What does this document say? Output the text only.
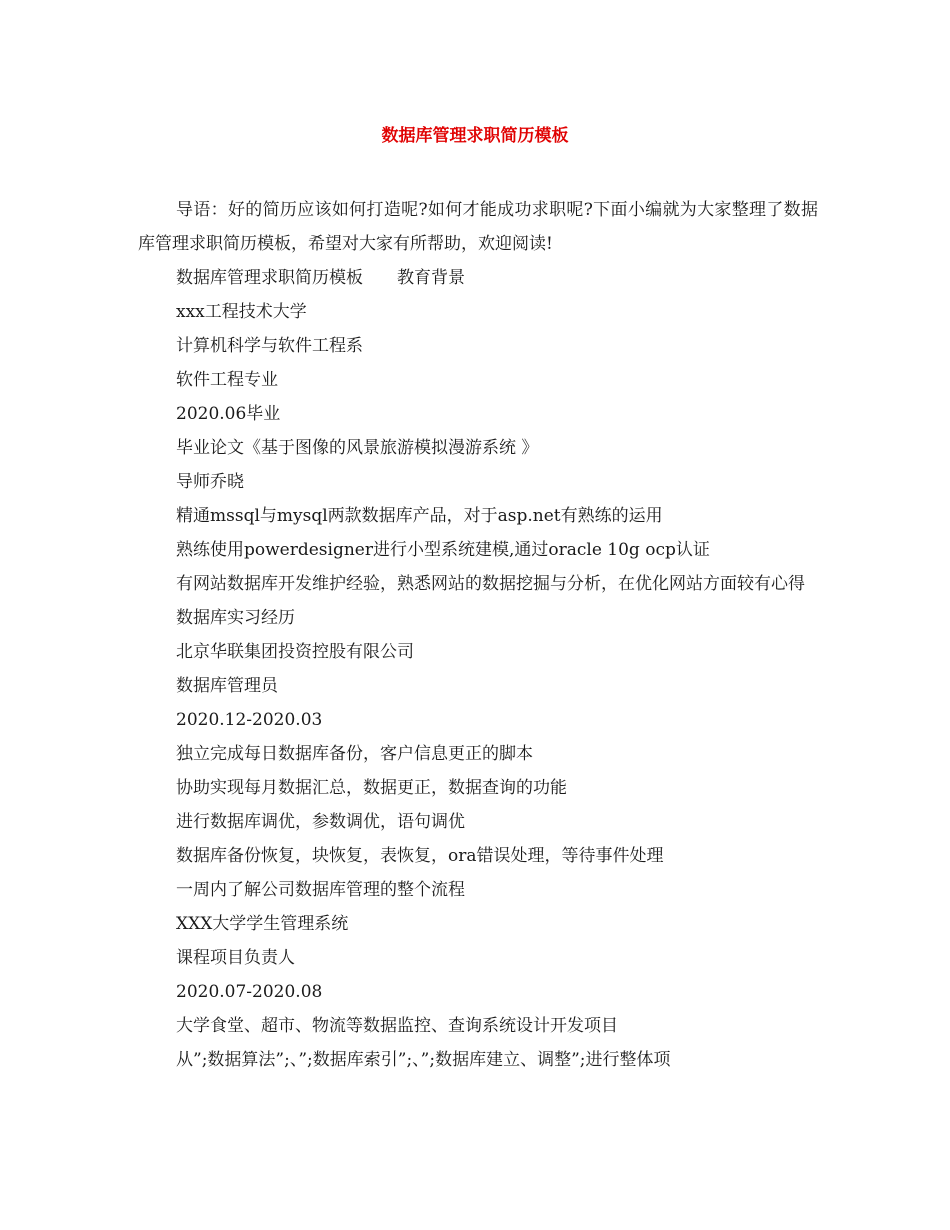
数据库管理求职简历模板

导语：好的简历应该如何打造呢?如何才能成功求职呢?下面小编就为大家整理了数据库管理求职简历模板，希望对大家有所帮助，欢迎阅读!

数据库管理求职简历模板　　教育背景

xxx工程技术大学

计算机科学与软件工程系

软件工程专业

2020.06毕业

毕业论文《基于图像的风景旅游模拟漫游系统 》

导师乔晓

精通mssql与mysql两款数据库产品，对于asp.net有熟练的运用

熟练使用powerdesigner进行小型系统建模,通过oracle 10g ocp认证

有网站数据库开发维护经验，熟悉网站的数据挖掘与分析，在优化网站方面较有心得

数据库实习经历

北京华联集团投资控股有限公司

数据库管理员

2020.12-2020.03

独立完成每日数据库备份，客户信息更正的脚本

协助实现每月数据汇总，数据更正，数据查询的功能

进行数据库调优，参数调优，语句调优

数据库备份恢复，块恢复，表恢复，ora错误处理，等待事件处理

一周内了解公司数据库管理的整个流程

XXX大学学生管理系统

课程项目负责人

2020.07-2020.08

大学食堂、超市、物流等数据监控、查询系统设计开发项目

从”;数据算法”;、”;数据库索引”;、”;数据库建立、调整”;进行整体项
